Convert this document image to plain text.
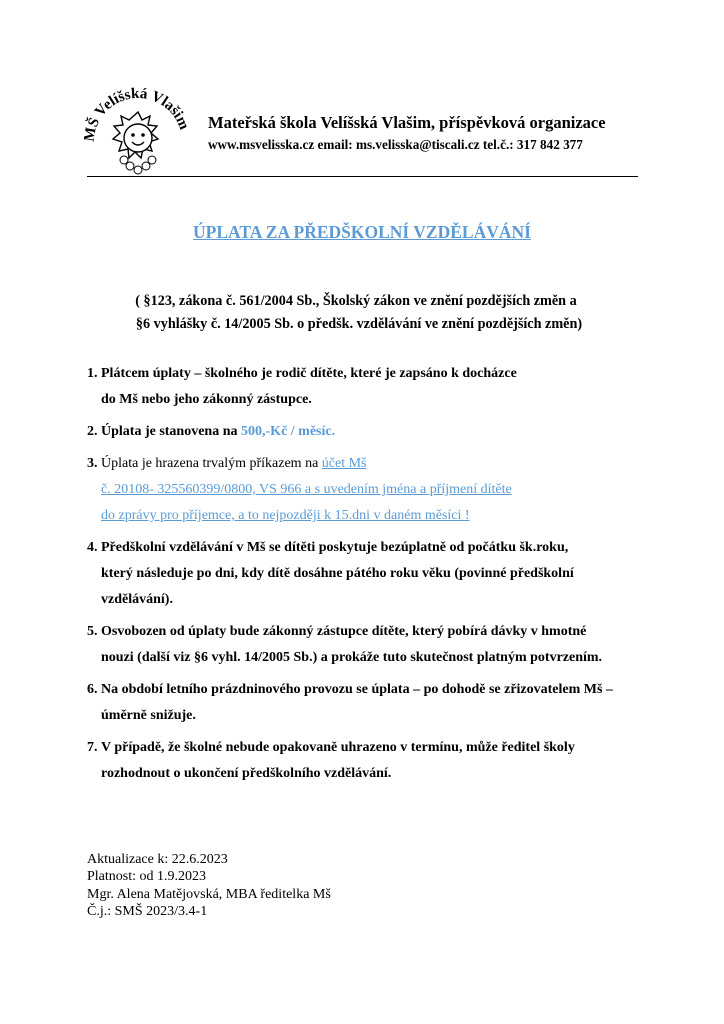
Š Velíšská Vlašim Mateřská škola Velíšská Vlašim, příspěvková organizace
www.msvelisska.cz email: ms.velisska@tiscali.cz tel.č.: 317 842 377
ÚPLATA ZA PŘEDŠKOLNÍ VZDĚLÁVÁNÍ
( §123, zákona č. 561/2004 Sb., Školský zákon ve znění pozdějších změn a
§6 vyhlášky č. 14/2005 Sb. o předšk. vzdělávání ve znění pozdějších změn)
1. Plátcem úplaty – školného je rodič dítěte, které je zapsáno k docházce
do Mš nebo jeho zákonný zástupce.
2. Úplata je stanovena na 500,-Kč / měsíc.
3. Úplata je hrazena trvalým příkazem na účet Mš
č. 20108- 325560399/0800, VS 966 a s uvedením jména a příjmení dítěte
do zprávy pro příjemce, a to nejpozději k 15.dni v daném měsíci !
4. Předškolní vzdělávání v Mš se dítěti poskytuje bezúplatně od počátku šk.roku,
který následuje po dni, kdy dítě dosáhne pátého roku věku (povinné předškolní
vzdělávání).
5. Osvobozen od úplaty bude zákonný zástupce dítěte, který pobírá dávky v hmotné
nouzi (další viz §6 vyhl. 14/2005 Sb.) a prokáže tuto skutečnost platným potvrzením.
6. Na období letního prázdninového provozu se úplata – po dohodě se zřizovatelem Mš –
úměrně snižuje.
7. V případě, že školné nebude opakovaně uhrazeno v termínu, může ředitel školy
rozhodnout o ukončení předškolního vzdělávání.
Aktualizace k: 22.6.2023
Platnost: od 1.9.2023
Mgr. Alena Matějovská, MBA ředitelka Mš
Č.j.: SMŠ 2023/3.4-1
